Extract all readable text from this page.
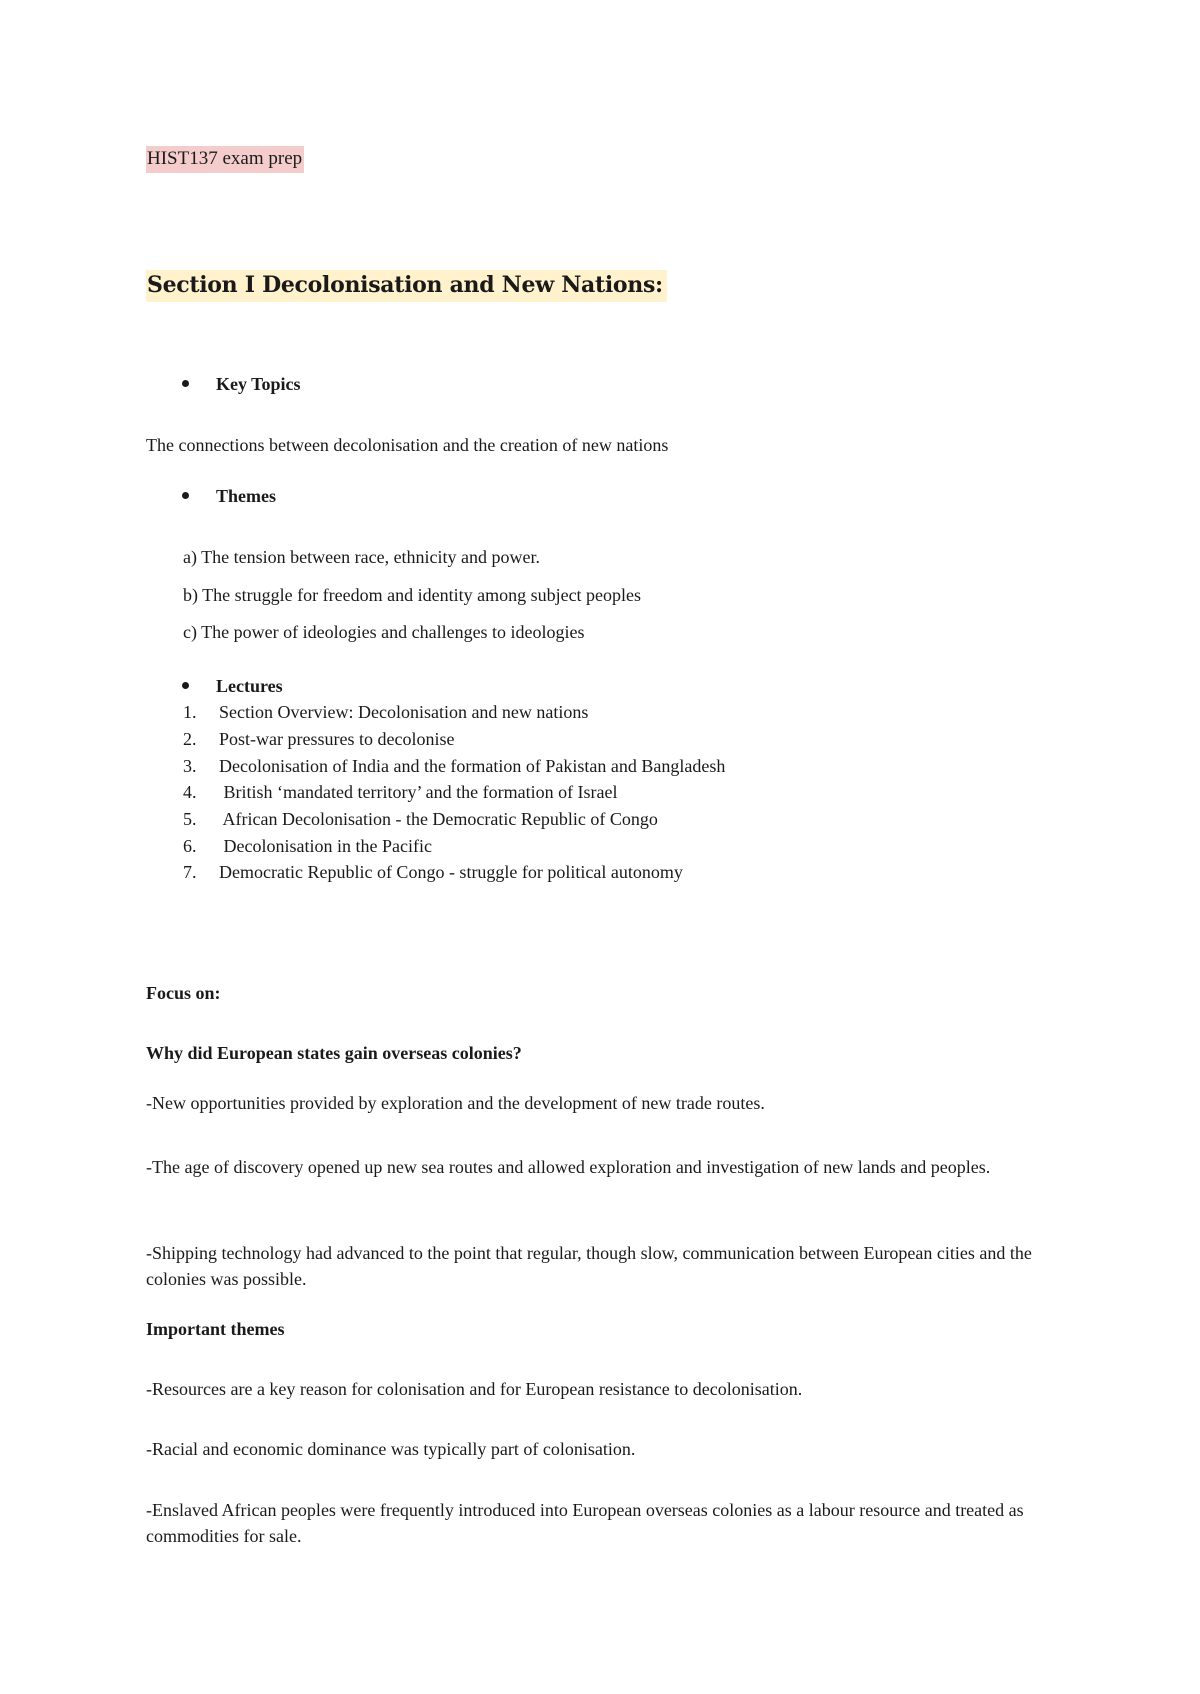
HIST137 exam prep
Section I Decolonisation and New Nations:
Key Topics
The connections between decolonisation and the creation of new nations
Themes
a) The tension between race, ethnicity and power.
b) The struggle for freedom and identity among subject peoples
c) The power of ideologies and challenges to ideologies
Lectures
1. Section Overview: Decolonisation and new nations
2. Post-war pressures to decolonise
3. Decolonisation of India and the formation of Pakistan and Bangladesh
4. British ‘mandated territory’ and the formation of Israel
5. African Decolonisation - the Democratic Republic of Congo
6. Decolonisation in the Pacific
7. Democratic Republic of Congo - struggle for political autonomy
Focus on:
Why did European states gain overseas colonies?
-New opportunities provided by exploration and the development of new trade routes.
-The age of discovery opened up new sea routes and allowed exploration and investigation of new lands and peoples.
-Shipping technology had advanced to the point that regular, though slow, communication between European cities and the colonies was possible.
Important themes
-Resources are a key reason for colonisation and for European resistance to decolonisation.
-Racial and economic dominance was typically part of colonisation.
-Enslaved African peoples were frequently introduced into European overseas colonies as a labour resource and treated as commodities for sale.
